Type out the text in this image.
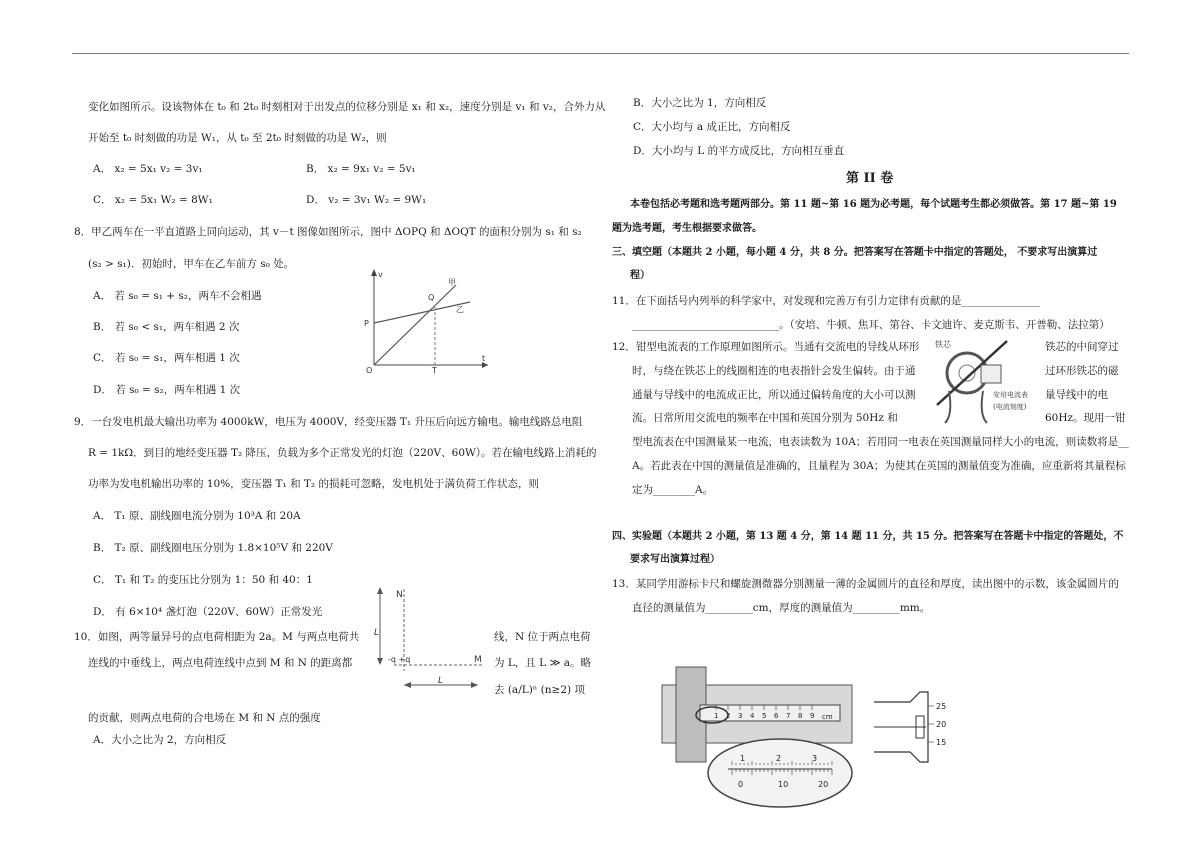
变化如图所示。设该物体在 t₀ 和 2t₀ 时刻相对于出发点的位移分别是 x₁ 和 x₂，速度分别是 v₁ 和 v₂，合外力从
开始至 t₀ 时刻做的功是 W₁，从 t₀ 至 2t₀ 时刻做的功是 W₂，则
A． x₂ = 5x₁ v₂ = 3v₁	B． x₂ = 9x₁ v₂ = 5v₁
C． x₂ = 5x₁ W₂ = 8W₁	D． v₂ = 3v₁ W₂ = 9W₁
8．甲乙两车在一平直道路上同向运动，其 v－t 图像如图所示，图中 ΔOPQ 和 ΔOQT 的面积分别为 s₁ 和 s₂
(s₂ > s₁)．初始时，甲车在乙车前方 s₀ 处。
A． 若 s₀ = s₁ + s₂，两车不会相遇
B． 若 s₀ < s₁，两车相遇 2 次
C． 若 s₀ = s₁，两车相遇 1 次
D． 若 s₀ = s₂，两车相遇 1 次
v
甲
Q
乙
P
O	T
t
9．一台发电机最大输出功率为 4000kW，电压为 4000V，经变压器 T₁ 升压后向远方输电。输电线路总电阻
R = 1kΩ．到目的地经变压器 T₂ 降压，负载为多个正常发光的灯泡（220V、60W）。若在输电线路上消耗的
功率为发电机输出功率的 10%，变压器 T₁ 和 T₂ 的损耗可忽略，发电机处于满负荷工作状态，则
A． T₁ 原、副线圈电流分别为 10³A 和 20A
B． T₂ 原、副线圈电压分别为 1.8×10⁵V 和 220V
C． T₁ 和 T₂ 的变压比分别为 1：50 和 40：1
D． 有 6×10⁴ 盏灯泡（220V、60W）正常发光
10．如图，两等量异号的点电荷相距为 2a。M 与两点电荷共	线，N 位于两点电荷
连线的中垂线上，两点电荷连线中点到 M 和 N 的距离都	为 L，且 L ≫ a。略
去 (a/L)ⁿ (n≥2) 项
的贡献，则两点电荷的合电场在 M 和 N 点的强度
A．大小之比为 2，方向相反
N
L
-q +q	M
L
B．大小之比为 1，方向相反
C．大小均与 a 成正比，方向相反
D．大小均与 L 的平方成反比，方向相互垂直
第 II 卷
本卷包括必考题和选考题两部分。第 11 题~第 16 题为必考题，每个试题考生都必须做答。第 17 题~第 19
题为选考题，考生根据要求做答。
三、填空题（本题共 2 小题，每小题 4 分，共 8 分。把答案写在答题卡中指定的答题处， 不要求写出演算过
程）
11．在下面括号内列举的科学家中，对发现和完善万有引力定律有贡献的是_______________
____________________________。（安培、牛顿、焦耳、第谷、卡文迪许、麦克斯韦、开普勒、法拉第）
12．钳型电流表的工作原理如图所示。当通有交流电的导线从环形	铁芯的中间穿过
时，与绕在铁芯上的线圈相连的电表指针会发生偏转。由于通	过环形铁芯的磁
通量与导线中的电流成正比，所以通过偏转角度的大小可以测	量导线中的电
流。日常所用交流电的频率在中国和英国分别为 50Hz 和	60Hz。现用一钳
型电流表在中国测量某一电流，电表读数为 10A；若用同一电表在英国测量同样大小的电流，则读数将是__
A。若此表在中国的测量值是准确的，且量程为 30A；为使其在英国的测量值变为准确，应重新将其量程标
定为________A。
铁芯
安培电流表
(电流刻度)
四、实验题（本题共 2 小题，第 13 题 4 分，第 14 题 11 分，共 15 分。把答案写在答题卡中指定的答题处，不
要求写出演算过程）
13．某同学用游标卡尺和螺旋测微器分别测量一薄的金属圆片的直径和厚度，读出图中的示数，该金属圆片的
直径的测量值为_________cm，厚度的测量值为_________mm。
1 2 3 4 5 6 7 8 9 cm
1	2	3
0	10	20
25
20
15
